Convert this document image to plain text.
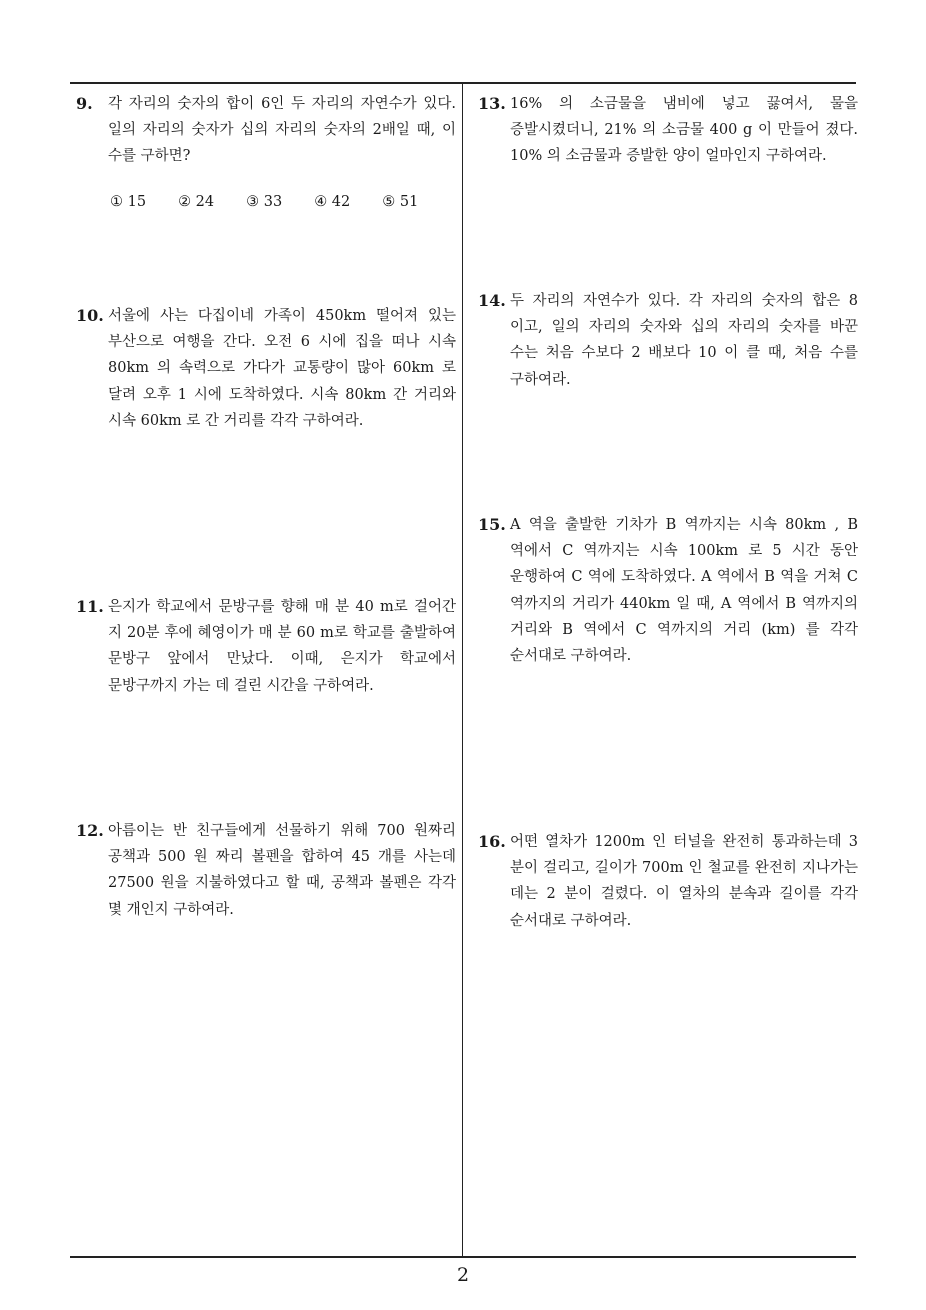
9. 각 자리의 숫자의 합이 6인 두 자리의 자연수가 있다. 일의 자리의 숫자가 십의 자리의 숫자의 2배일 때, 이 수를 구하면?
① 15 ② 24 ③ 33 ④ 42 ⑤ 51
10. 서울에 사는 다집이네 가족이 450km 떨어져 있는 부산으로 여행을 간다. 오전 6 시에 집을 떠나 시속 80km 의 속력으로 가다가 교통량이 많아 60km 로 달려 오후 1 시에 도착하였다. 시속 80km 간 거리와 시속 60km 로 간 거리를 각각 구하여라.
11. 은지가 학교에서 문방구를 향해 매 분 40 m로 걸어간 지 20분 후에 혜영이가 매 분 60 m로 학교를 출발하여 문방구 앞에서 만났다. 이때, 은지가 학교에서 문방구까지 가는 데 걸린 시간을 구하여라.
12. 아름이는 반 친구들에게 선물하기 위해 700 원짜리 공책과 500 원 짜리 볼펜을 합하여 45 개를 사는데 27500 원을 지불하였다고 할 때, 공책과 볼펜은 각각 몇 개인지 구하여라.
13. 16% 의 소금물을 냄비에 넣고 끓여서, 물을 증발시켰더니, 21% 의 소금물 400 g 이 만들어 졌다. 10% 의 소금물과 증발한 양이 얼마인지 구하여라.
14. 두 자리의 자연수가 있다. 각 자리의 숫자의 합은 8 이고, 일의 자리의 숫자와 십의 자리의 숫자를 바꾼 수는 처음 수보다 2 배보다 10 이 클 때, 처음 수를 구하여라.
15. A 역을 출발한 기차가 B 역까지는 시속 80km , B 역에서 C 역까지는 시속 100km 로 5 시간 동안 운행하여 C 역에 도착하였다. A 역에서 B 역을 거쳐 C 역까지의 거리가 440km 일 때, A 역에서 B 역까지의 거리와 B 역에서 C 역까지의 거리 (km) 를 각각 순서대로 구하여라.
16. 어떤 열차가 1200m 인 터널을 완전히 통과하는데 3 분이 걸리고, 길이가 700m 인 철교를 완전히 지나가는 데는 2 분이 걸렸다. 이 열차의 분속과 길이를 각각 순서대로 구하여라.
2
